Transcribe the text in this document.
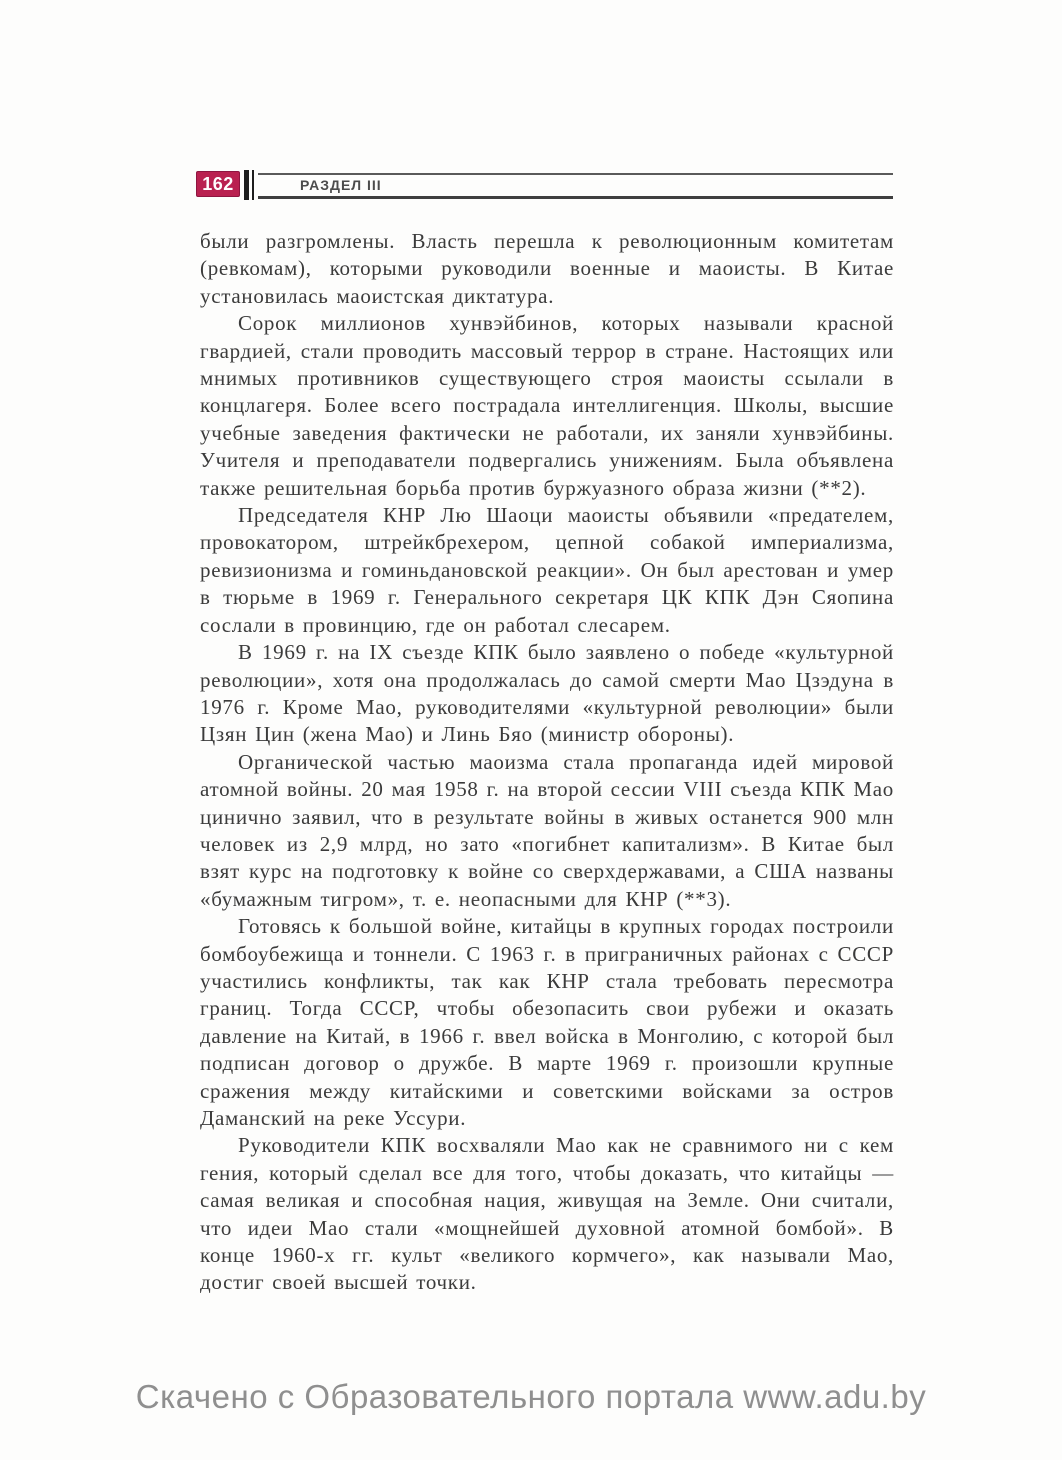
162	РАЗДЕЛ III

были разгромлены. Власть перешла к революционным комитетам (ревкомам), которыми руководили военные и маоисты. В Китае установилась маоистская диктатура.

Сорок миллионов хунвэйбинов, которых называли красной гвардией, стали проводить массовый террор в стране. Настоящих или мнимых противников существующего строя маоисты ссылали в концлагеря. Более всего пострадала интеллигенция. Школы, высшие учебные заведения фактически не работали, их заняли хунвэйбины. Учителя и преподаватели подвергались унижениям. Была объявлена также решительная борьба против буржуазного образа жизни (**2).

Председателя КНР Лю Шаоци маоисты объявили «предателем, провокатором, штрейкбрехером, цепной собакой империализма, ревизионизма и гоминьдановской реакции». Он был арестован и умер в тюрьме в 1969 г. Генерального секретаря ЦК КПК Дэн Сяопина сослали в провинцию, где он работал слесарем.

В 1969 г. на IX съезде КПК было заявлено о победе «культурной революции», хотя она продолжалась до самой смерти Мао Цзэдуна в 1976 г. Кроме Мао, руководителями «культурной революции» были Цзян Цин (жена Мао) и Линь Бяо (министр обороны).

Органической частью маоизма стала пропаганда идей мировой атомной войны. 20 мая 1958 г. на второй сессии VIII съезда КПК Мао цинично заявил, что в результате войны в живых останется 900 млн человек из 2,9 млрд, но зато «погибнет капитализм». В Китае был взят курс на подготовку к войне со сверхдержавами, а США названы «бумажным тигром», т. е. неопасными для КНР (**3).

Готовясь к большой войне, китайцы в крупных городах построили бомбоубежища и тоннели. С 1963 г. в приграничных районах с СССР участились конфликты, так как КНР стала требовать пересмотра границ. Тогда СССР, чтобы обезопасить свои рубежи и оказать давление на Китай, в 1966 г. ввел войска в Монголию, с которой был подписан договор о дружбе. В марте 1969 г. произошли крупные сражения между китайскими и советскими войсками за остров Даманский на реке Уссури.

Руководители КПК восхваляли Мао как не сравнимого ни с кем гения, который сделал все для того, чтобы доказать, что китайцы — самая великая и способная нация, живущая на Земле. Они считали, что идеи Мао стали «мощнейшей духовной атомной бомбой». В конце 1960-х гг. культ «великого кормчего», как называли Мао, достиг своей высшей точки.

Скачено с Образовательного портала www.adu.by
